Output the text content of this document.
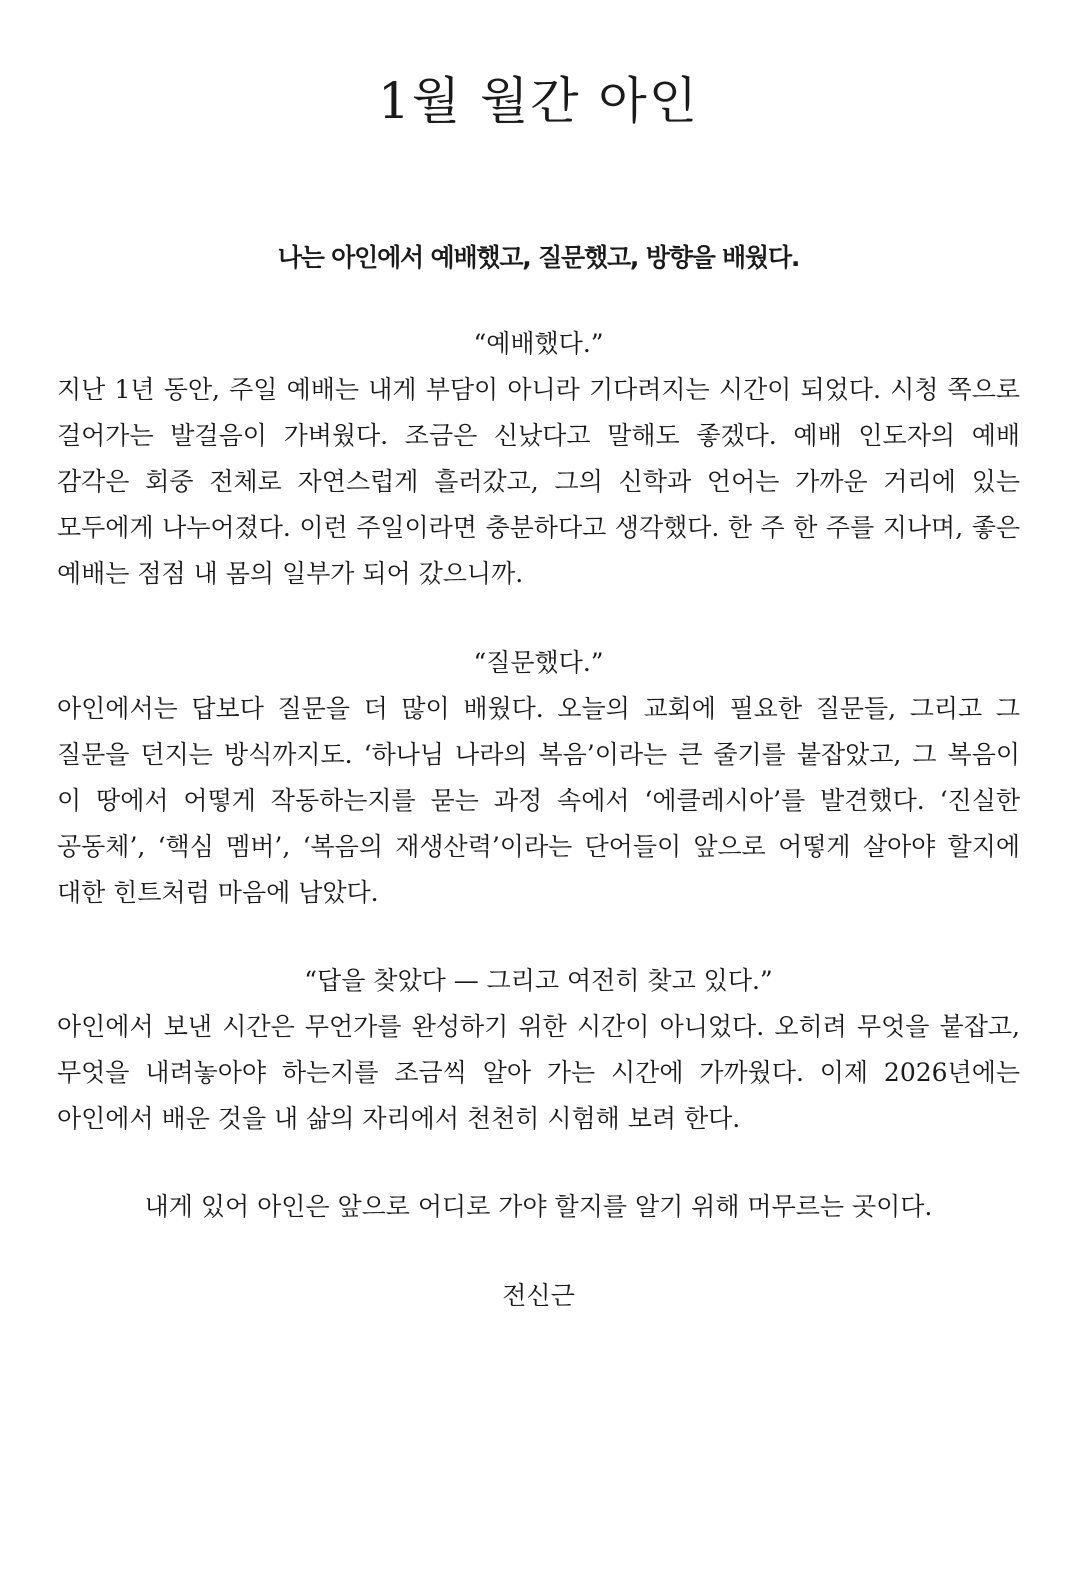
1월 월간 아인

나는 아인에서 예배했고, 질문했고, 방향을 배웠다.

“예배했다.”

지난 1년 동안, 주일 예배는 내게 부담이 아니라 기다려지는 시간이 되었다. 시청 쪽으로 걸어가는 발걸음이 가벼웠다. 조금은 신났다고 말해도 좋겠다. 예배 인도자의 예배 감각은 회중 전체로 자연스럽게 흘러갔고, 그의 신학과 언어는 가까운 거리에 있는 모두에게 나누어졌다. 이런 주일이라면 충분하다고 생각했다. 한 주 한 주를 지나며, 좋은 예배는 점점 내 몸의 일부가 되어 갔으니까.

“질문했다.”

아인에서는 답보다 질문을 더 많이 배웠다. 오늘의 교회에 필요한 질문들, 그리고 그 질문을 던지는 방식까지도. ‘하나님 나라의 복음’이라는 큰 줄기를 붙잡았고, 그 복음이 이 땅에서 어떻게 작동하는지를 묻는 과정 속에서 ‘에클레시아’를 발견했다. ‘진실한 공동체’, ‘핵심 멤버’, ‘복음의 재생산력’이라는 단어들이 앞으로 어떻게 살아야 할지에 대한 힌트처럼 마음에 남았다.

“답을 찾았다 — 그리고 여전히 찾고 있다.”

아인에서 보낸 시간은 무언가를 완성하기 위한 시간이 아니었다. 오히려 무엇을 붙잡고, 무엇을 내려놓아야 하는지를 조금씩 알아 가는 시간에 가까웠다. 이제 2026년에는 아인에서 배운 것을 내 삶의 자리에서 천천히 시험해 보려 한다.

내게 있어 아인은 앞으로 어디로 가야 할지를 알기 위해 머무르는 곳이다.

전신근
